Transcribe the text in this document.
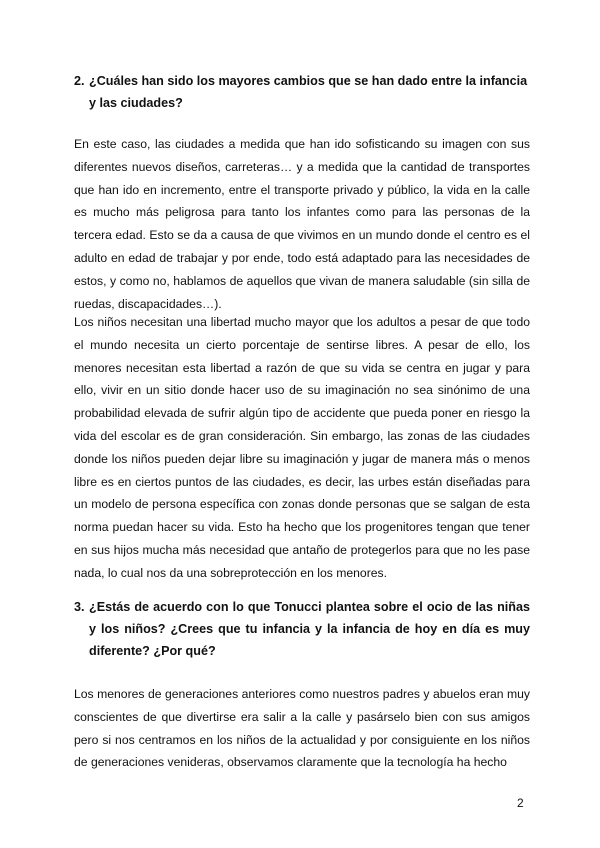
2. ¿Cuáles han sido los mayores cambios que se han dado entre la infancia y las ciudades?

En este caso, las ciudades a medida que han ido sofisticando su imagen con sus diferentes nuevos diseños, carreteras… y a medida que la cantidad de transportes que han ido en incremento, entre el transporte privado y público, la vida en la calle es mucho más peligrosa para tanto los infantes como para las personas de la tercera edad. Esto se da a causa de que vivimos en un mundo donde el centro es el adulto en edad de trabajar y por ende, todo está adaptado para las necesidades de estos, y como no, hablamos de aquellos que vivan de manera saludable (sin silla de ruedas, discapacidades…).

Los niños necesitan una libertad mucho mayor que los adultos a pesar de que todo el mundo necesita un cierto porcentaje de sentirse libres. A pesar de ello, los menores necesitan esta libertad a razón de que su vida se centra en jugar y para ello, vivir en un sitio donde hacer uso de su imaginación no sea sinónimo de una probabilidad elevada de sufrir algún tipo de accidente que pueda poner en riesgo la vida del escolar es de gran consideración. Sin embargo, las zonas de las ciudades donde los niños pueden dejar libre su imaginación y jugar de manera más o menos libre es en ciertos puntos de las ciudades, es decir, las urbes están diseñadas para un modelo de persona específica con zonas donde personas que se salgan de esta norma puedan hacer su vida. Esto ha hecho que los progenitores tengan que tener en sus hijos mucha más necesidad que antaño de protegerlos para que no les pase nada, lo cual nos da una sobreprotección en los menores.

3. ¿Estás de acuerdo con lo que Tonucci plantea sobre el ocio de las niñas y los niños? ¿Crees que tu infancia y la infancia de hoy en día es muy diferente? ¿Por qué?

Los menores de generaciones anteriores como nuestros padres y abuelos eran muy conscientes de que divertirse era salir a la calle y pasárselo bien con sus amigos pero si nos centramos en los niños de la actualidad y por consiguiente en los niños de generaciones venideras, observamos claramente que la tecnología ha hecho

2
